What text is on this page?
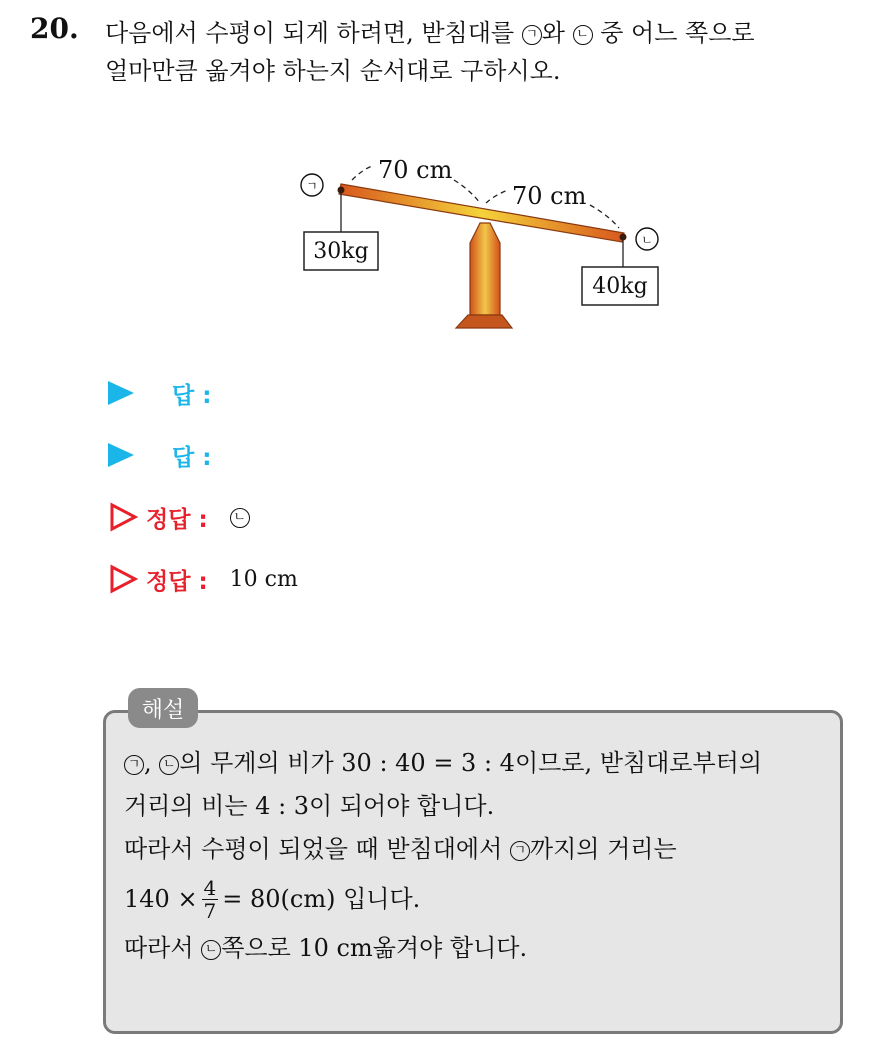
20. 다음에서 수평이 되게 하려면, 받침대를 ㄱ 와 ㄴ 중 어느 쪽으로
얼마만큼 옮겨야 하는지 순서대로 구하시오.
70 cm
70 cm
ㄱ
ㄴ
30kg
40kg
답 :
답 :
정답 : ㄴ
정답 : 10 cm
해설
ㄱ , ㄴ 의 무게의 비가 30 : 40 = 3 : 4이므로, 받침대로부터의
거리의 비는 4 : 3이 되어야 합니다.
따라서 수평이 되었을 때 받침대에서 ㄱ 까지의 거리는
$140 \times \frac{4}{7} = 80(cm)$ 입니다.
따라서 ㄴ 쪽으로 10 cm옮겨야 합니다.
